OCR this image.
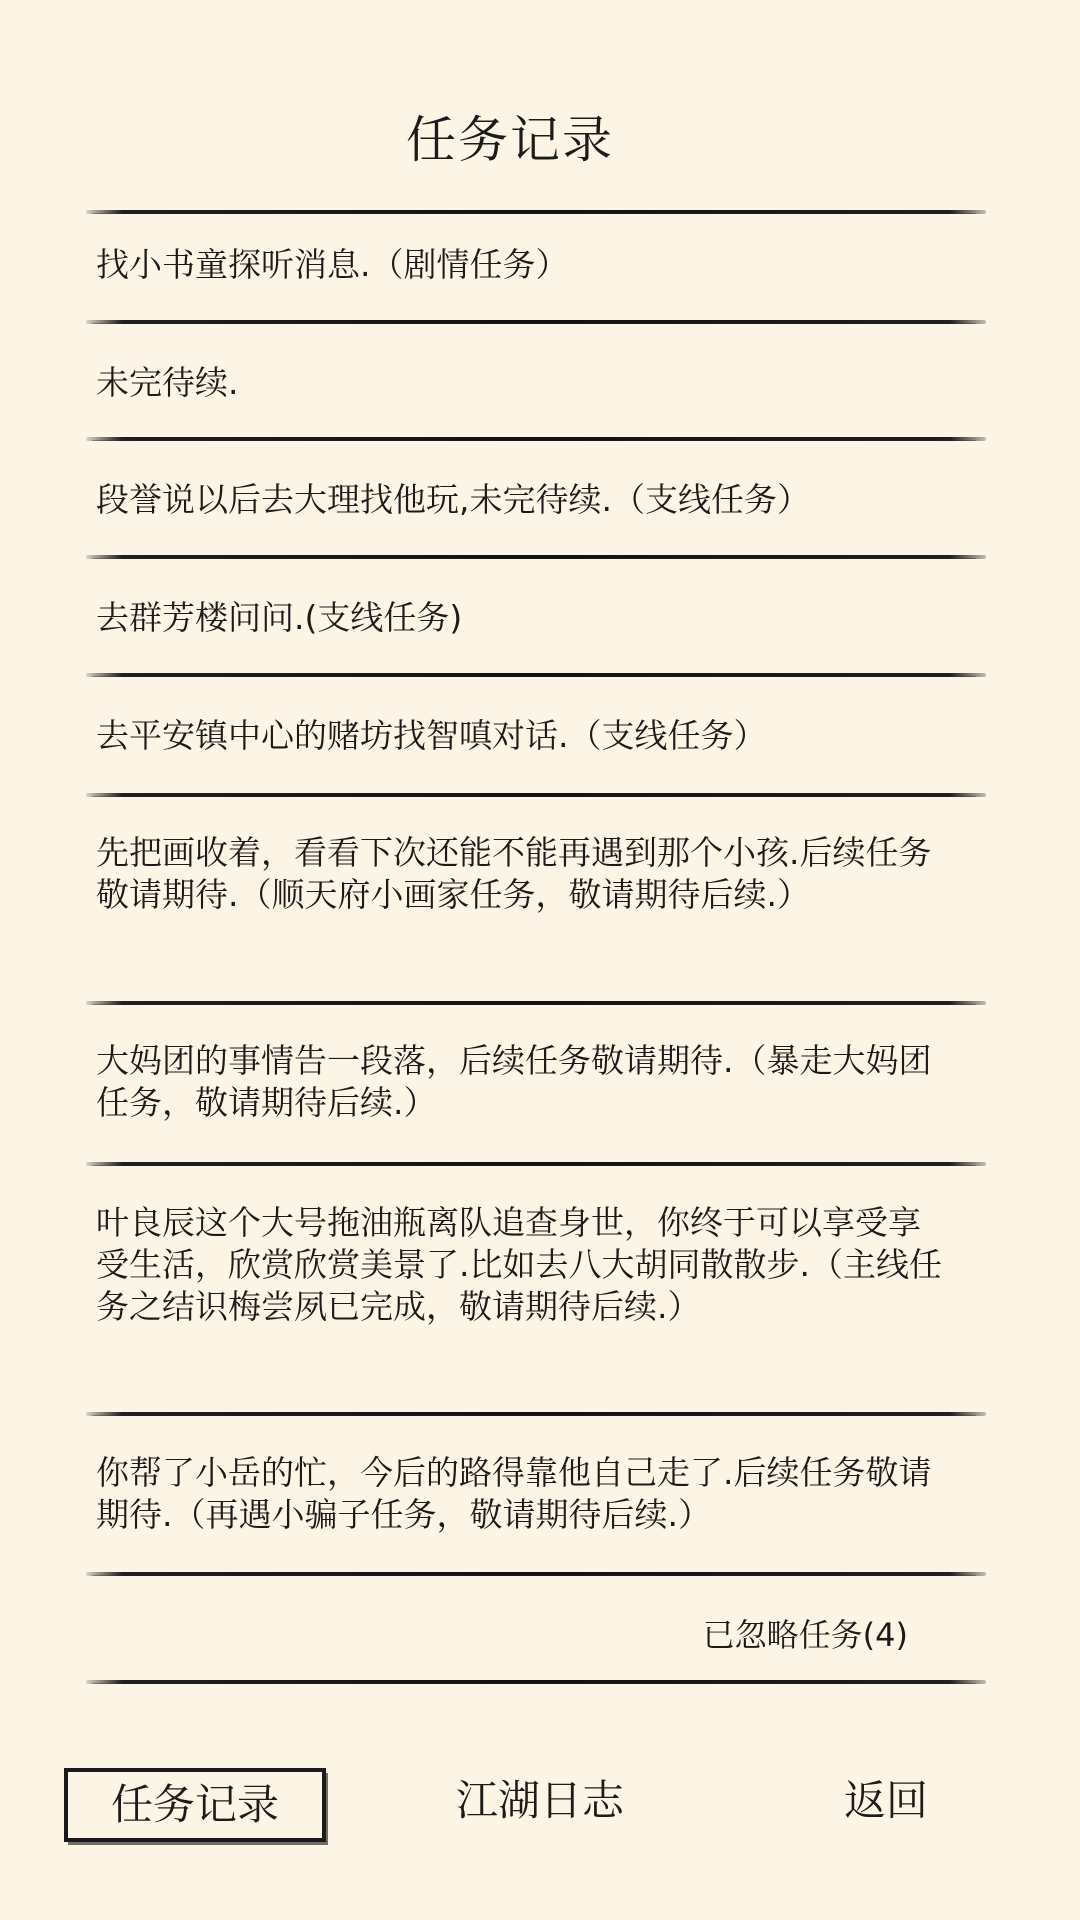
任务记录
找小书童探听消息.（剧情任务）
未完待续.
段誉说以后去大理找他玩,未完待续.（支线任务）
去群芳楼问问.(支线任务)
去平安镇中心的赌坊找智嗔对话.（支线任务）
先把画收着，看看下次还能不能再遇到那个小孩.后续任务敬请期待.（顺天府小画家任务，敬请期待后续.）
大妈团的事情告一段落，后续任务敬请期待.（暴走大妈团任务，敬请期待后续.）
叶良辰这个大号拖油瓶离队追查身世，你终于可以享受享受生活，欣赏欣赏美景了.比如去八大胡同散散步.（主线任务之结识梅尝夙已完成，敬请期待后续.）
你帮了小岳的忙，今后的路得靠他自己走了.后续任务敬请期待.（再遇小骗子任务，敬请期待后续.）
已忽略任务(4)
任务记录	江湖日志	返回
